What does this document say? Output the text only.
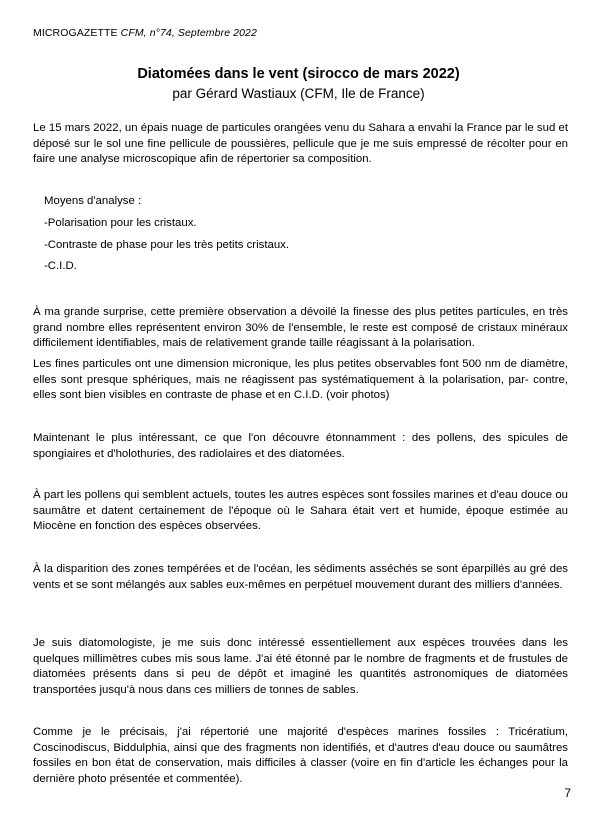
MICROGAZETTE CFM, n°74, Septembre 2022
Diatomées dans le vent (sirocco de mars 2022)
par Gérard Wastiaux (CFM, Ile de France)

Le 15 mars 2022, un épais nuage de particules orangées venu du Sahara a envahi la France par le sud et déposé sur le sol une fine pellicule de poussières, pellicule que je me suis empressé de récolter pour en faire une analyse microscopique afin de répertorier sa composition.

Moyens d'analyse :
-Polarisation pour les cristaux.
-Contraste de phase pour les très petits cristaux.
-C.I.D.

À ma grande surprise, cette première observation a dévoilé la finesse des plus petites particules, en très grand nombre elles représentent environ 30% de l'ensemble, le reste est composé de cristaux minéraux difficilement identifiables, mais de relativement grande taille réagissant à la polarisation.

Les fines particules ont une dimension micronique, les plus petites observables font 500 nm de diamètre, elles sont presque sphériques, mais ne réagissent pas systématiquement à la polarisation, par- contre, elles sont bien visibles en contraste de phase et en C.I.D. (voir photos)

Maintenant le plus intéressant, ce que l'on découvre étonnamment : des pollens, des spicules de spongiaires et d'holothuries, des radiolaires et des diatomées.

À part les pollens qui semblent actuels, toutes les autres espèces sont fossiles marines et d'eau douce ou saumâtre et datent certainement de l'époque où le Sahara était vert et humide, époque estimée au Miocène en fonction des espèces observées.

À la disparition des zones tempérées et de l'océan, les sédiments asséchés se sont éparpillés au gré des vents et se sont mélangés aux sables eux-mêmes en perpétuel mouvement durant des milliers d'années.

Je suis diatomologiste, je me suis donc intéressé essentiellement aux espèces trouvées dans les quelques millimètres cubes mis sous lame. J'ai été étonné par le nombre de fragments et de frustules de diatomées présents dans si peu de dépôt et imaginé les quantités astronomiques de diatomées transportées jusqu'à nous dans ces milliers de tonnes de sables.

Comme je le précisais, j'ai répertorié une majorité d'espèces marines fossiles : Tricératium, Coscinodiscus, Biddulphia, ainsi que des fragments non identifiés, et d'autres d'eau douce ou saumâtres fossiles en bon état de conservation, mais difficiles à classer (voire en fin d'article les échanges pour la dernière photo présentée et commentée).

7
